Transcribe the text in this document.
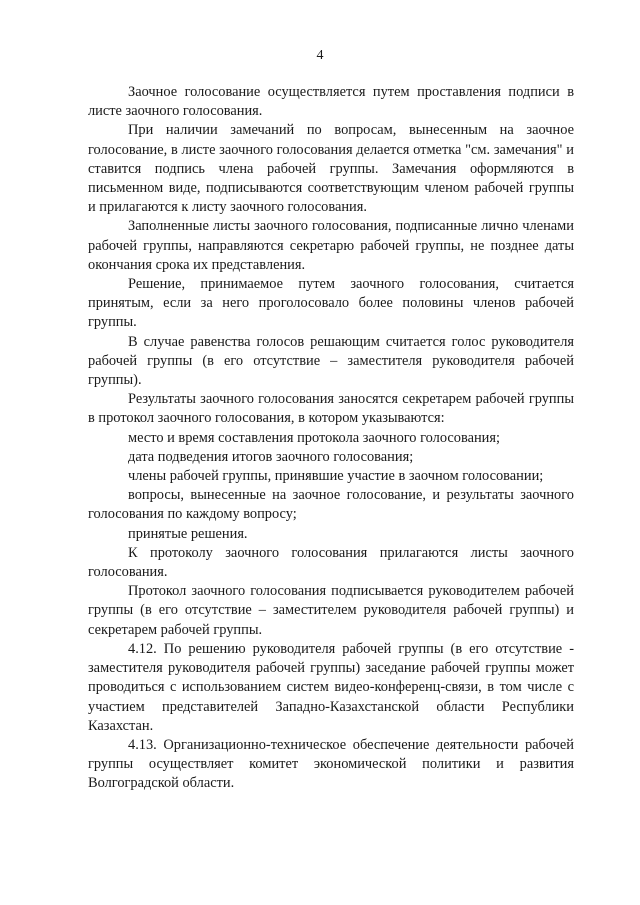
4

Заочное голосование осуществляется путем проставления подписи в листе заочного голосования.

При наличии замечаний по вопросам, вынесенным на заочное голосование, в листе заочного голосования делается отметка "см. замечания" и ставится подпись члена рабочей группы. Замечания оформляются в письменном виде, подписываются соответствующим членом рабочей группы и прилагаются к листу заочного голосования.

Заполненные листы заочного голосования, подписанные лично членами рабочей группы, направляются секретарю рабочей группы, не позднее даты окончания срока их представления.

Решение, принимаемое путем заочного голосования, считается принятым, если за него проголосовало более половины членов рабочей группы.

В случае равенства голосов решающим считается голос руководителя рабочей группы (в его отсутствие – заместителя руководителя рабочей группы).

Результаты заочного голосования заносятся секретарем рабочей группы в протокол заочного голосования, в котором указываются:

место и время составления протокола заочного голосования;

дата подведения итогов заочного голосования;

члены рабочей группы, принявшие участие в заочном голосовании;

вопросы, вынесенные на заочное голосование, и результаты заочного голосования по каждому вопросу;

принятые решения.

К протоколу заочного голосования прилагаются листы заочного голосования.

Протокол заочного голосования подписывается руководителем рабочей группы (в его отсутствие – заместителем руководителя рабочей группы) и секретарем рабочей группы.

4.12. По решению руководителя рабочей группы (в его отсутствие - заместителя руководителя рабочей группы) заседание рабочей группы может проводиться с использованием систем видео-конференц-связи, в том числе с участием представителей Западно-Казахстанской области Республики Казахстан.

4.13. Организационно-техническое обеспечение деятельности рабочей группы осуществляет комитет экономической политики и развития Волгоградской области.
